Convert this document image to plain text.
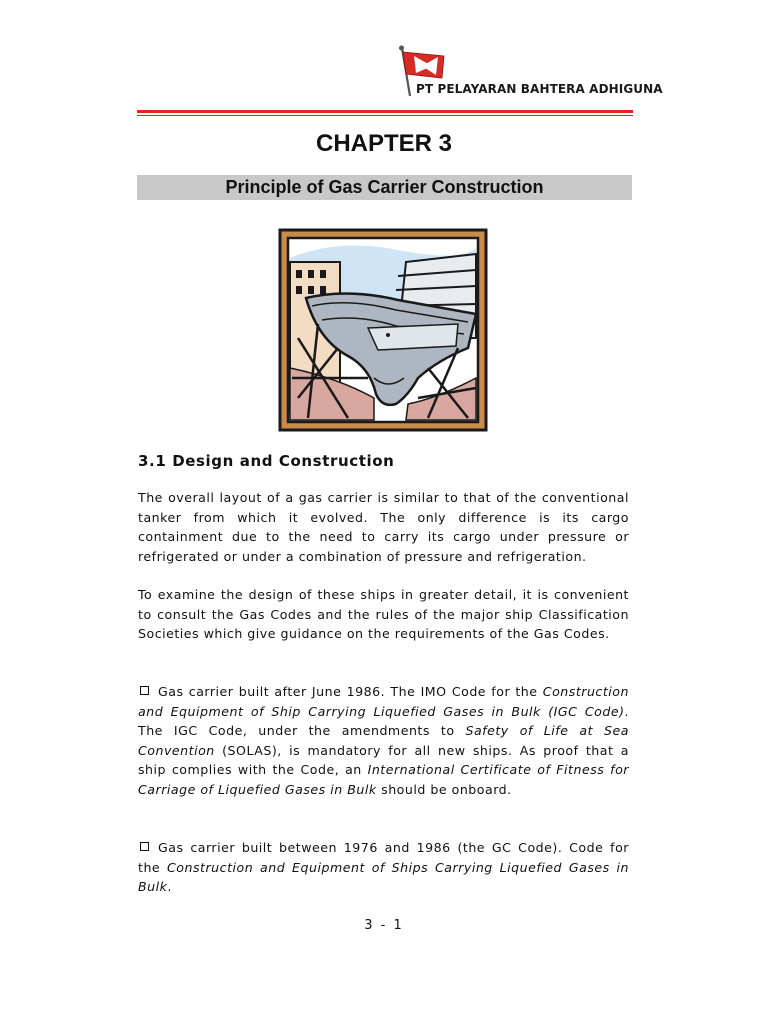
PT PELAYARAN BAHTERA ADHIGUNA
CHAPTER 3
Principle of Gas Carrier Construction
3.1 Design and Construction

The overall layout of a gas carrier is similar to that of the conventional tanker from which it evolved. The only difference is its cargo containment due to the need to carry its cargo under pressure or refrigerated or under a combination of pressure and refrigeration.

To examine the design of these ships in greater detail, it is convenient to consult the Gas Codes and the rules of the major ship Classification Societies which give guidance on the requirements of the Gas Codes.

Gas carrier built after June 1986. The IMO Code for the Construction and Equipment of Ship Carrying Liquefied Gases in Bulk (IGC Code). The IGC Code, under the amendments to Safety of Life at Sea Convention (SOLAS), is mandatory for all new ships. As proof that a ship complies with the Code, an International Certificate of Fitness for Carriage of Liquefied Gases in Bulk should be onboard.

Gas carrier built between 1976 and 1986 (the GC Code). Code for the Construction and Equipment of Ships Carrying Liquefied Gases in Bulk.

3 - 1
